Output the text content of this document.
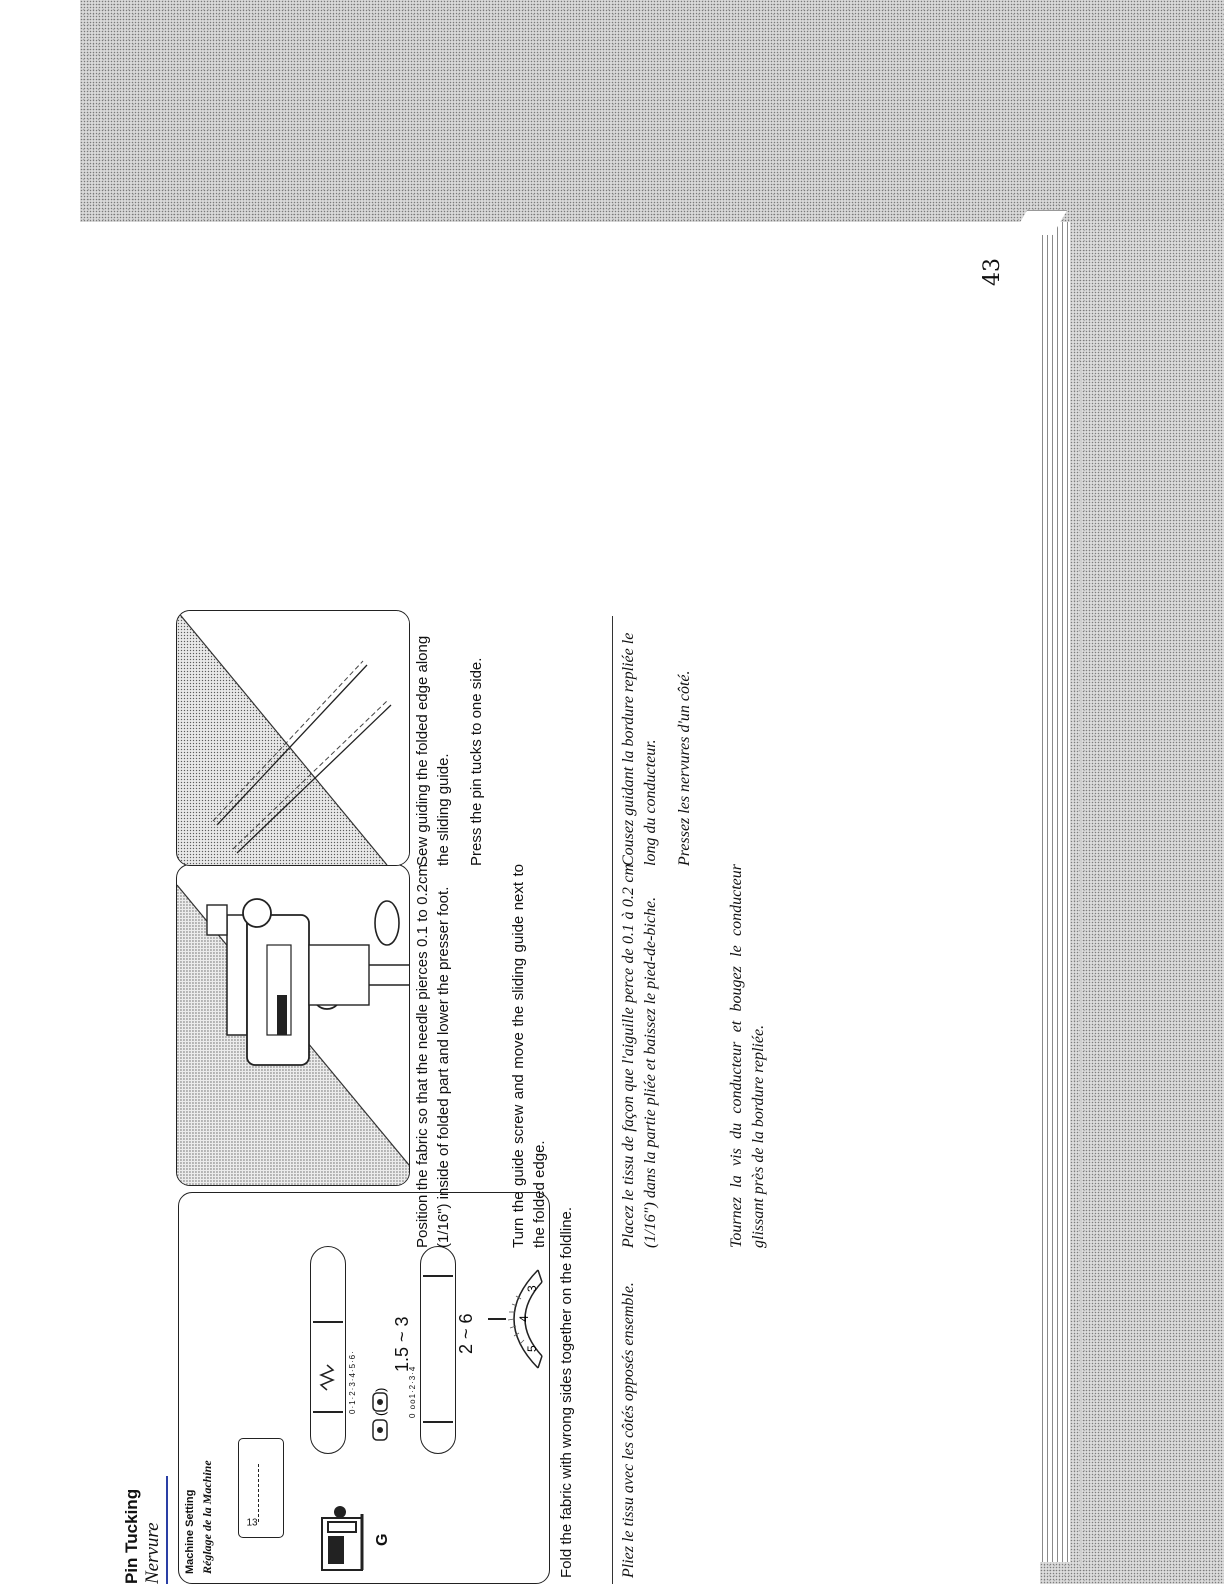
43
Pin Tucking Nervure Machine Setting Réglage de la Machine	13
G
0·1·2·3·4·5·6· (
)
1.5 ~ 3
0 oo1·2·3·4
2 ~ 6	5
4
3 Fold the fabric with wrong sides together on the foldline.
Position the fabric so that the needle pierces 0.1 to 0.2cm (1/16") inside of folded part and lower the presser foot.	Turn the guide screw and move the sliding guide next to the folded edge.
Sew guiding the folded edge along the sliding guide. Press the pin tucks to one side.
Pliez le tissu avec les côtés opposés ensemble.
Placez le tissu de façon que l'aiguille perce de 0.1 à 0.2 cm (1/16") dans la partie pliée et baissez le pied-de-biche.	Tournez la vis du conducteur et bougez le conducteur glissant près de la bordure repliée.
Cousez guidant la bordure repliée le long du conducteur. Pressez les nervures d'un côté.
